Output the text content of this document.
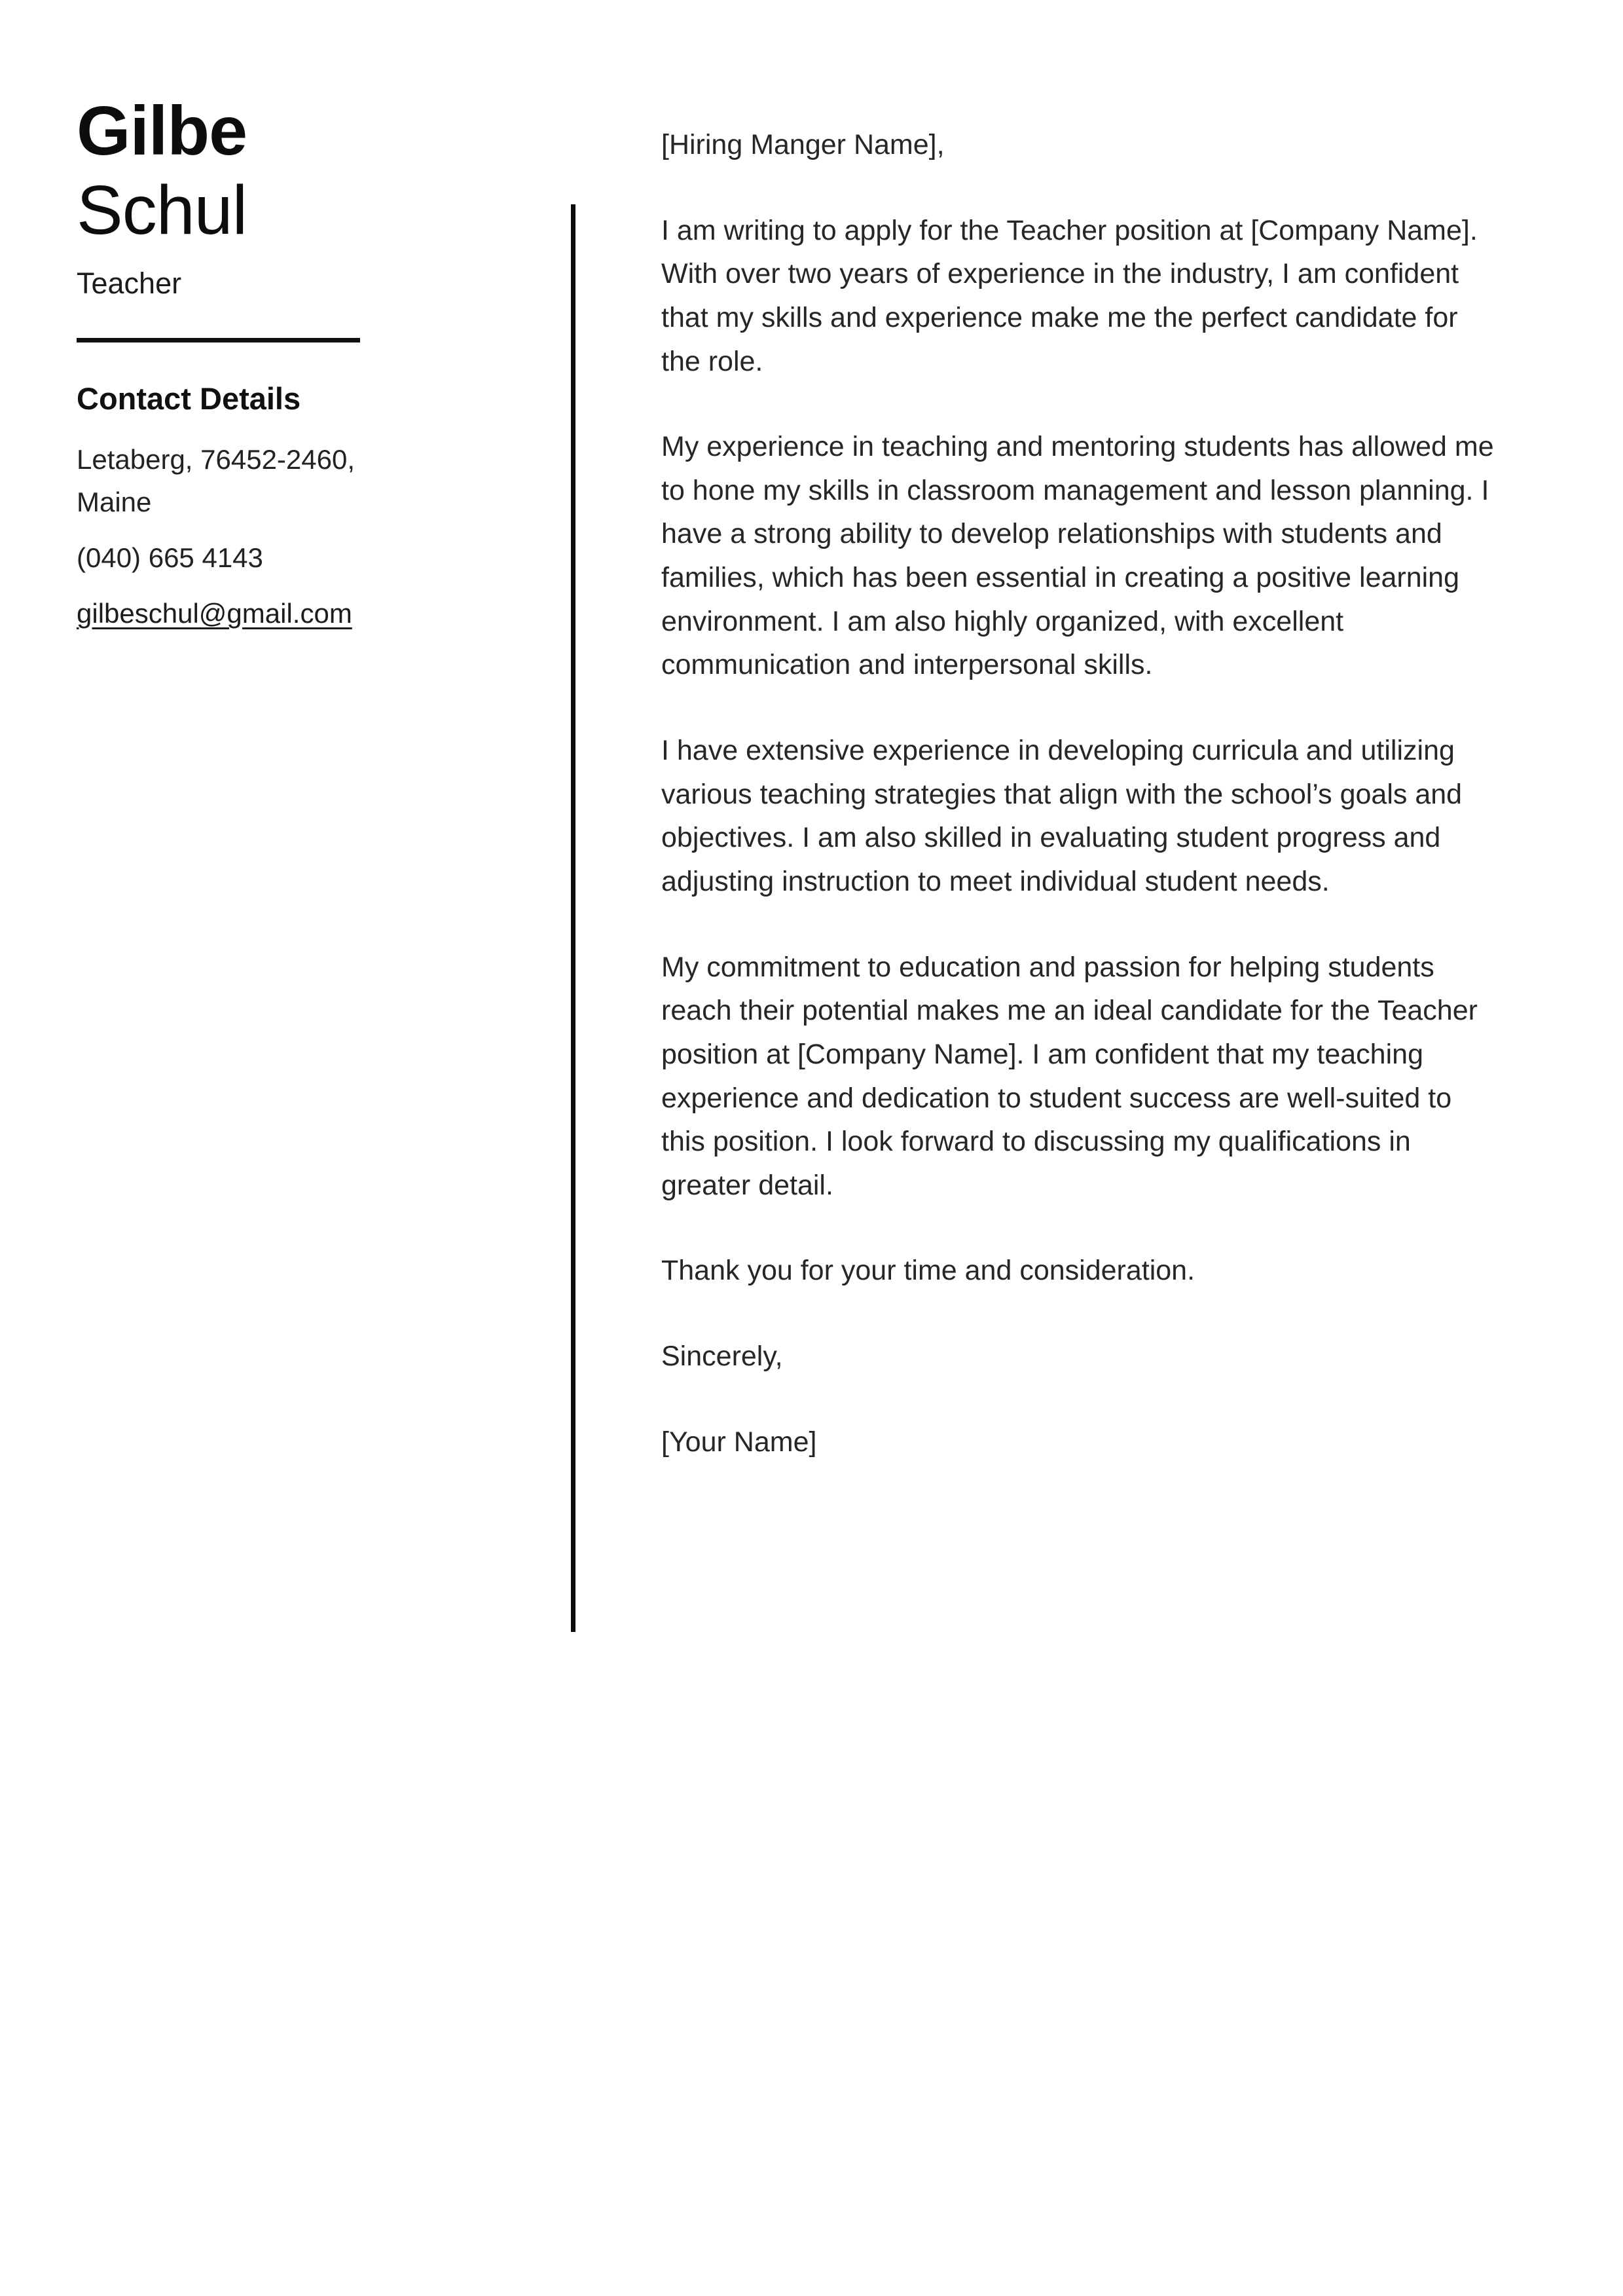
Gilbe
Schul
Teacher
Contact Details

Letaberg, 76452-2460,
Maine

(040) 665 4143

gilbeschul@gmail.com

[Hiring Manger Name],

I am writing to apply for the Teacher position at [Company Name]. With over two years of experience in the industry, I am confident that my skills and experience make me the perfect candidate for the role.

My experience in teaching and mentoring students has allowed me to hone my skills in classroom management and lesson planning. I have a strong ability to develop relationships with students and families, which has been essential in creating a positive learning environment. I am also highly organized, with excellent communication and interpersonal skills.

I have extensive experience in developing curricula and utilizing various teaching strategies that align with the school’s goals and objectives. I am also skilled in evaluating student progress and adjusting instruction to meet individual student needs.

My commitment to education and passion for helping students reach their potential makes me an ideal candidate for the Teacher position at [Company Name]. I am confident that my teaching experience and dedication to student success are well-suited to this position. I look forward to discussing my qualifications in greater detail.

Thank you for your time and consideration.

Sincerely,

[Your Name]
